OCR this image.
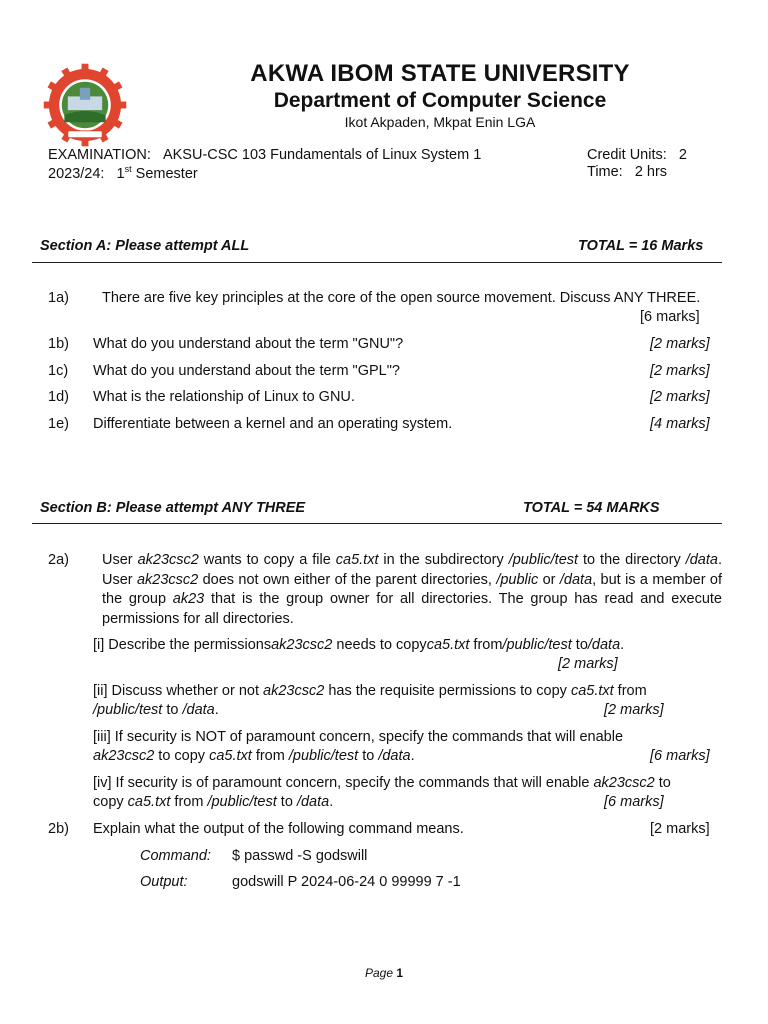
AKWA IBOM STATE UNIVERSITY
Department of Computer Science
Ikot Akpaden, Mkpat Enin LGA
EXAMINATION: AKSU-CSC 103 Fundamentals of Linux System 1
2023/24: 1st Semester
Credit Units: 2
Time: 2 hrs
Section A: Please attempt ALL	TOTAL = 16 Marks
1a) There are five key principles at the core of the open source movement. Discuss ANY THREE.
[6 marks]
1b) What do you understand about the term "GNU"?	[2 marks]
1c) What do you understand about the term "GPL"?	[2 marks]
1d) What is the relationship of Linux to GNU.	[2 marks]
1e) Differentiate between a kernel and an operating system.	[4 marks]
Section B: Please attempt ANY THREE	TOTAL = 54 MARKS
2a) User ak23csc2 wants to copy a file ca5.txt in the subdirectory /public/test to the directory /data. User ak23csc2 does not own either of the parent directories, /public or /data, but is a member of the group ak23 that is the group owner for all directories. The group has read and execute permissions for all directories.
[i] Describe the permissionsak23csc2 needs to copyca5.txt from/public/test to/data.
[2 marks]
[ii] Discuss whether or not ak23csc2 has the requisite permissions to copy ca5.txt from
/public/test to /data.	[2 marks]
[iii] If security is NOT of paramount concern, specify the commands that will enable
ak23csc2 to copy ca5.txt from /public/test to /data.	[6 marks]
[iv] If security is of paramount concern, specify the commands that will enable ak23csc2 to
copy ca5.txt from /public/test to /data.	[6 marks]
2b) Explain what the output of the following command means.	[2 marks]
Command: $ passwd -S godswill
Output:	godswill P 2024-06-24 0 99999 7 -1
Page 1
